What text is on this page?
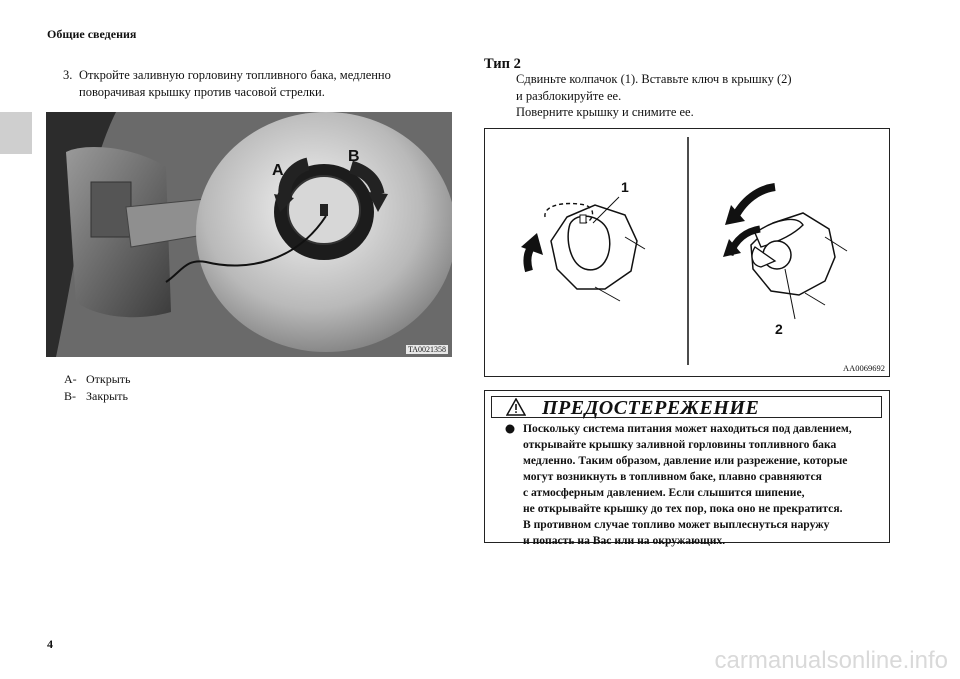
Общие сведения
3. Откройте заливную горловину топливного бака, медленно поворачивая крышку против часовой стрелки.
A
B
TA0021358
A- Открыть
B- Закрыть
Тип 2

Сдвиньте колпачок (1). Вставьте ключ в крышку (2)

и разблокируйте ее.

Поверните крышку и снимите ее.

1
2
AA0069692
ПРЕДОСТЕРЕЖЕНИЕ

Поскольку система питания может находиться под давлением,

открывайте крышку заливной горловины топливного бака

медленно. Таким образом, давление или разрежение, которые

могут возникнуть в топливном баке, плавно сравняются

с атмосферным давлением. Если слышится шипение,

не открывайте крышку до тех пор, пока оно не прекратится.

В противном случае топливо может выплеснуться наружу

и попасть на Вас или на окружающих.

4
carmanualsonline.info
